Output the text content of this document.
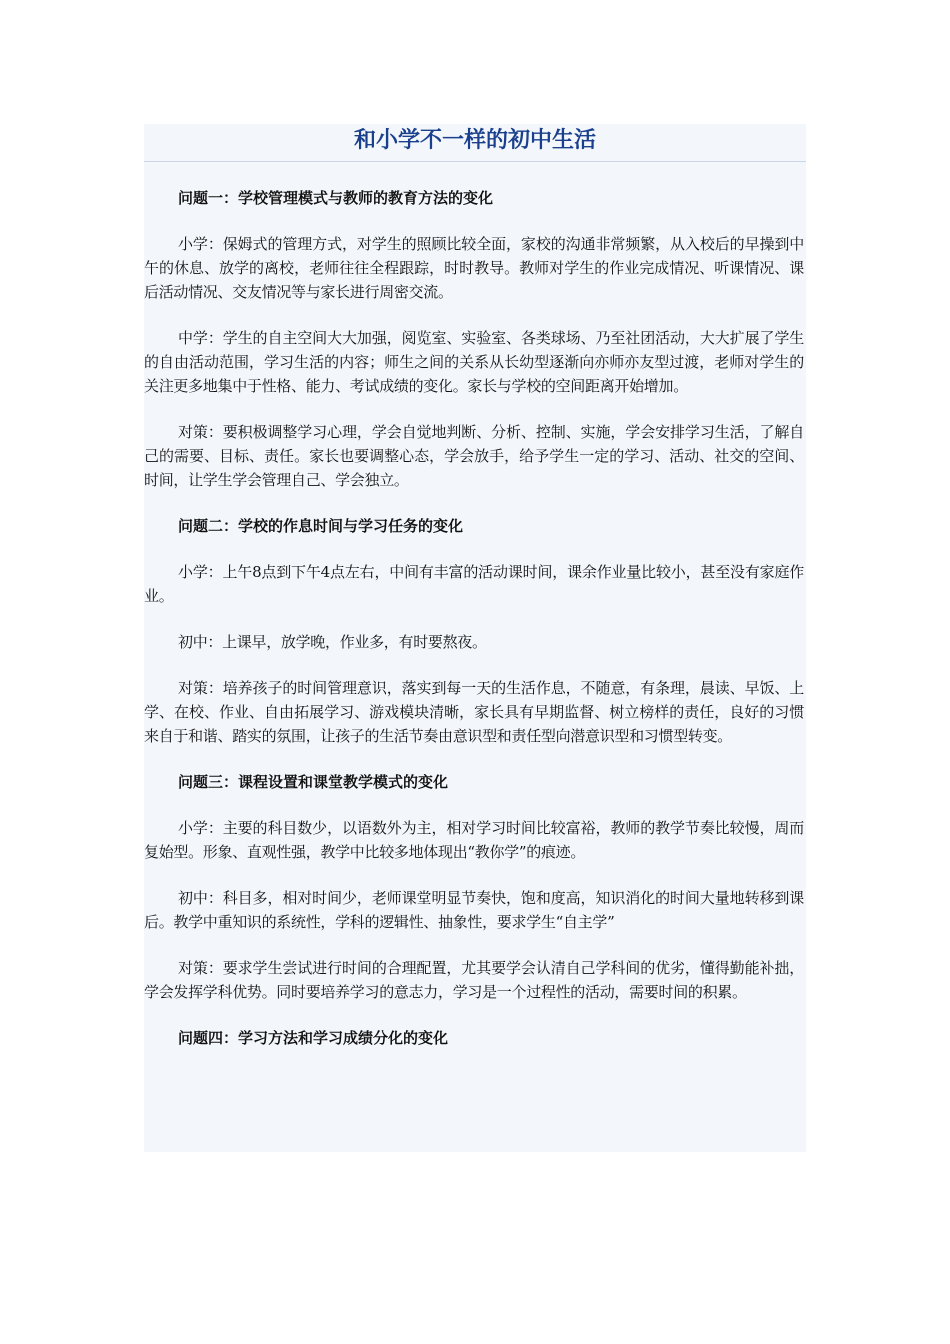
和小学不一样的初中生活

问题一：学校管理模式与教师的教育方法的变化

小学：保姆式的管理方式，对学生的照顾比较全面，家校的沟通非常频繁，从入校后的早操到中午的休息、放学的离校，老师往往全程跟踪，时时教导。教师对学生的作业完成情况、听课情况、课后活动情况、交友情况等与家长进行周密交流。

中学：学生的自主空间大大加强，阅览室、实验室、各类球场、乃至社团活动，大大扩展了学生的自由活动范围，学习生活的内容；师生之间的关系从长幼型逐渐向亦师亦友型过渡，老师对学生的关注更多地集中于性格、能力、考试成绩的变化。家长与学校的空间距离开始增加。

对策：要积极调整学习心理，学会自觉地判断、分析、控制、实施，学会安排学习生活，了解自己的需要、目标、责任。家长也要调整心态，学会放手，给予学生一定的学习、活动、社交的空间、时间，让学生学会管理自己、学会独立。

问题二：学校的作息时间与学习任务的变化

小学：上午8点到下午4点左右，中间有丰富的活动课时间，课余作业量比较小，甚至没有家庭作业。

初中：上课早，放学晚，作业多，有时要熬夜。

对策：培养孩子的时间管理意识，落实到每一天的生活作息，不随意，有条理，晨读、早饭、上学、在校、作业、自由拓展学习、游戏模块清晰，家长具有早期监督、树立榜样的责任，良好的习惯来自于和谐、踏实的氛围，让孩子的生活节奏由意识型和责任型向潜意识型和习惯型转变。

问题三：课程设置和课堂教学模式的变化

小学：主要的科目数少，以语数外为主，相对学习时间比较富裕，教师的教学节奏比较慢，周而复始型。形象、直观性强，教学中比较多地体现出“教你学”的痕迹。

初中：科目多，相对时间少，老师课堂明显节奏快，饱和度高，知识消化的时间大量地转移到课后。教学中重知识的系统性，学科的逻辑性、抽象性，要求学生“自主学”

对策：要求学生尝试进行时间的合理配置，尤其要学会认清自己学科间的优劣，懂得勤能补拙，学会发挥学科优势。同时要培养学习的意志力，学习是一个过程性的活动，需要时间的积累。

问题四：学习方法和学习成绩分化的变化
